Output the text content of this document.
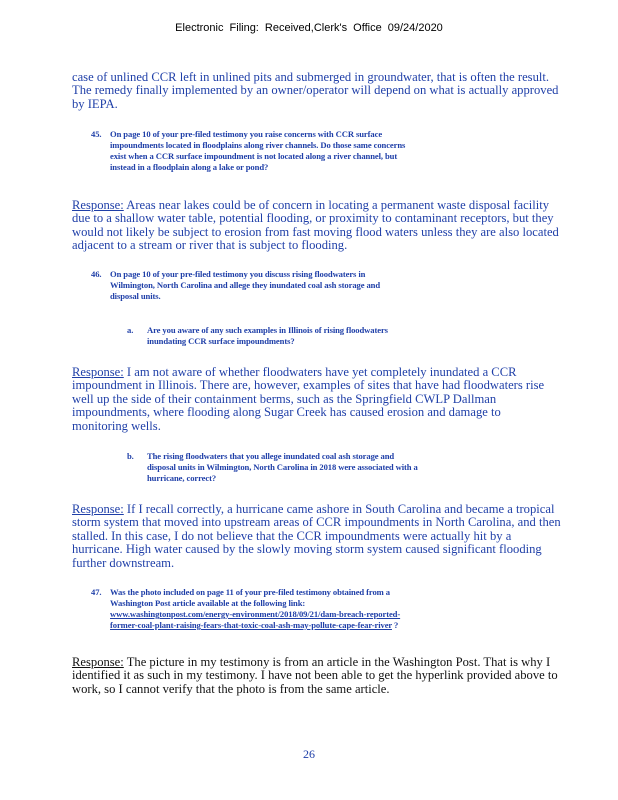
Electronic Filing: Received,Clerk's Office 09/24/2020

case of unlined CCR left in unlined pits and submerged in groundwater, that is often the result.

The remedy finally implemented by an owner/operator will depend on what is actually approved

by IEPA.

45. On page 10 of your pre-filed testimony you raise concerns with CCR surface
impoundments located in floodplains along river channels. Do those same concerns
exist when a CCR surface impoundment is not located along a river channel, but
instead in a floodplain along a lake or pond?

Response: Areas near lakes could be of concern in locating a permanent waste disposal facility

due to a shallow water table, potential flooding, or proximity to contaminant receptors, but they

would not likely be subject to erosion from fast moving flood waters unless they are also located

adjacent to a stream or river that is subject to flooding.

46. On page 10 of your pre-filed testimony you discuss rising floodwaters in
Wilmington, North Carolina and allege they inundated coal ash storage and
disposal units.
a. Are you aware of any such examples in Illinois of rising floodwaters
inundating CCR surface impoundments?

Response: I am not aware of whether floodwaters have yet completely inundated a CCR

impoundment in Illinois. There are, however, examples of sites that have had floodwaters rise

well up the side of their containment berms, such as the Springfield CWLP Dallman

impoundments, where flooding along Sugar Creek has caused erosion and damage to

monitoring wells.

b. The rising floodwaters that you allege inundated coal ash storage and
disposal units in Wilmington, North Carolina in 2018 were associated with a
hurricane, correct?

Response: If I recall correctly, a hurricane came ashore in South Carolina and became a tropical

storm system that moved into upstream areas of CCR impoundments in North Carolina, and then

stalled. In this case, I do not believe that the CCR impoundments were actually hit by a

hurricane. High water caused by the slowly moving storm system caused significant flooding

further downstream.

47. Was the photo included on page 11 of your pre-filed testimony obtained from a
Washington Post article available at the following link:
www.washingtonpost.com/energy-environment/2018/09/21/dam-breach-reported-
former-coal-plant-raising-fears-that-toxic-coal-ash-may-pollute-cape-fear-river ?

Response: The picture in my testimony is from an article in the Washington Post. That is why I

identified it as such in my testimony. I have not been able to get the hyperlink provided above to

work, so I cannot verify that the photo is from the same article.

26
